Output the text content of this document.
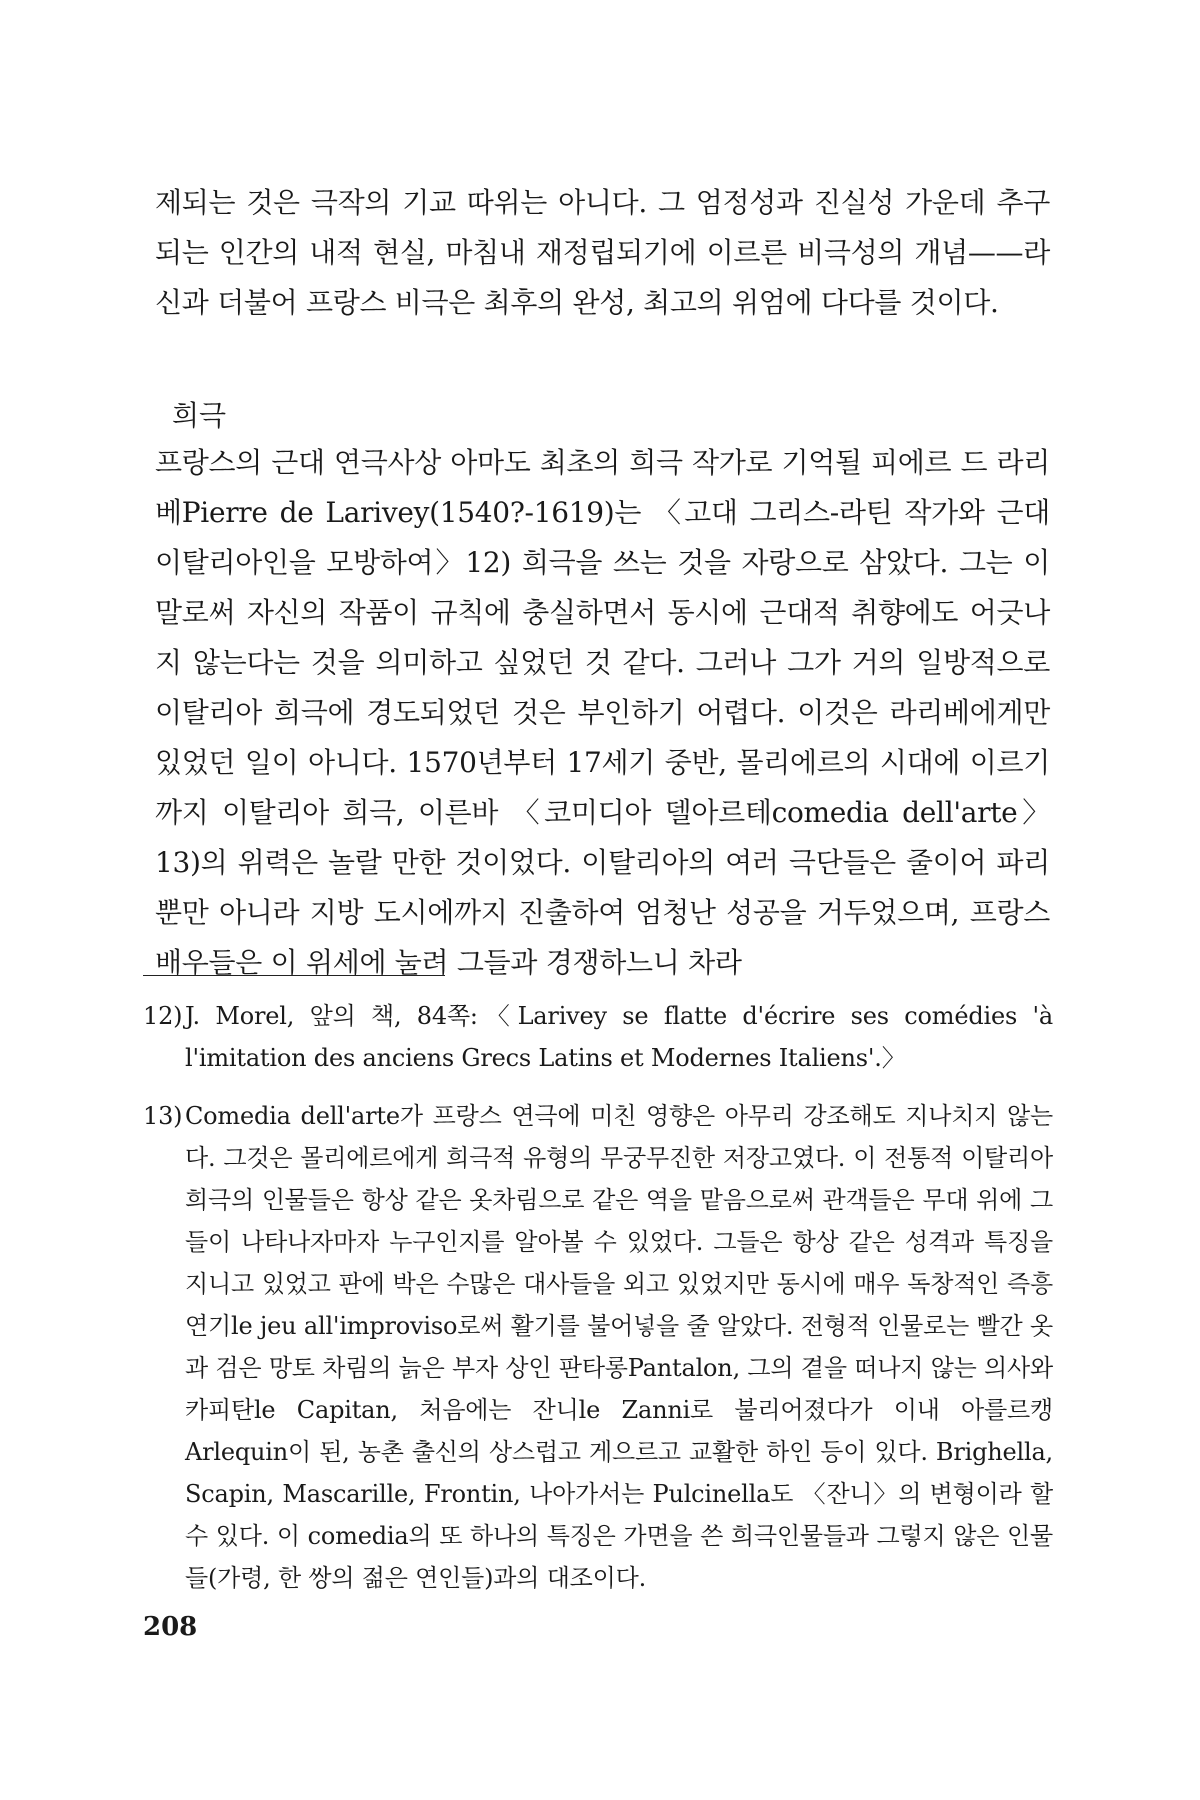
제되는 것은 극작의 기교 따위는 아니다. 그 엄정성과 진실성 가운데 추구되는 인간의 내적 현실, 마침내 재정립되기에 이르른 비극성의 개념——라신과 더불어 프랑스 비극은 최후의 완성, 최고의 위엄에 다다를 것이다.

희극

프랑스의 근대 연극사상 아마도 최초의 희극 작가로 기억될 피에르 드 라리베Pierre de Larivey(1540?-1619)는 〈고대 그리스-라틴 작가와 근대 이탈리아인을 모방하여〉12) 희극을 쓰는 것을 자랑으로 삼았다. 그는 이 말로써 자신의 작품이 규칙에 충실하면서 동시에 근대적 취향에도 어긋나지 않는다는 것을 의미하고 싶었던 것 같다. 그러나 그가 거의 일방적으로 이탈리아 희극에 경도되었던 것은 부인하기 어렵다. 이것은 라리베에게만 있었던 일이 아니다. 1570년부터 17세기 중반, 몰리에르의 시대에 이르기까지 이탈리아 희극, 이른바 〈코미디아 델아르테comedia dell'arte〉13)의 위력은 놀랄 만한 것이었다. 이탈리아의 여러 극단들은 줄이어 파리뿐만 아니라 지방 도시에까지 진출하여 엄청난 성공을 거두었으며, 프랑스 배우들은 이 위세에 눌려 그들과 경쟁하느니 차라

12) J. Morel, 앞의 책, 84쪽:〈Larivey se flatte d'écrire ses comédies 'à l'imitation des anciens Grecs Latins et Modernes Italiens'.〉

13) Comedia dell'arte가 프랑스 연극에 미친 영향은 아무리 강조해도 지나치지 않는다. 그것은 몰리에르에게 희극적 유형의 무궁무진한 저장고였다. 이 전통적 이탈리아 희극의 인물들은 항상 같은 옷차림으로 같은 역을 맡음으로써 관객들은 무대 위에 그들이 나타나자마자 누구인지를 알아볼 수 있었다. 그들은 항상 같은 성격과 특징을 지니고 있었고 판에 박은 수많은 대사들을 외고 있었지만 동시에 매우 독창적인 즉흥 연기le jeu all'improviso로써 활기를 불어넣을 줄 알았다. 전형적 인물로는 빨간 옷과 검은 망토 차림의 늙은 부자 상인 판타롱Pantalon, 그의 곁을 떠나지 않는 의사와 카피탄le Capitan, 처음에는 잔니le Zanni로 불리어졌다가 이내 아를르캥Arlequin이 된, 농촌 출신의 상스럽고 게으르고 교활한 하인 등이 있다. Brighella, Scapin, Mascarille, Frontin, 나아가서는 Pulcinella도 〈잔니〉의 변형이라 할 수 있다. 이 comedia의 또 하나의 특징은 가면을 쓴 희극인물들과 그렇지 않은 인물들(가령, 한 쌍의 젊은 연인들)과의 대조이다.

208
